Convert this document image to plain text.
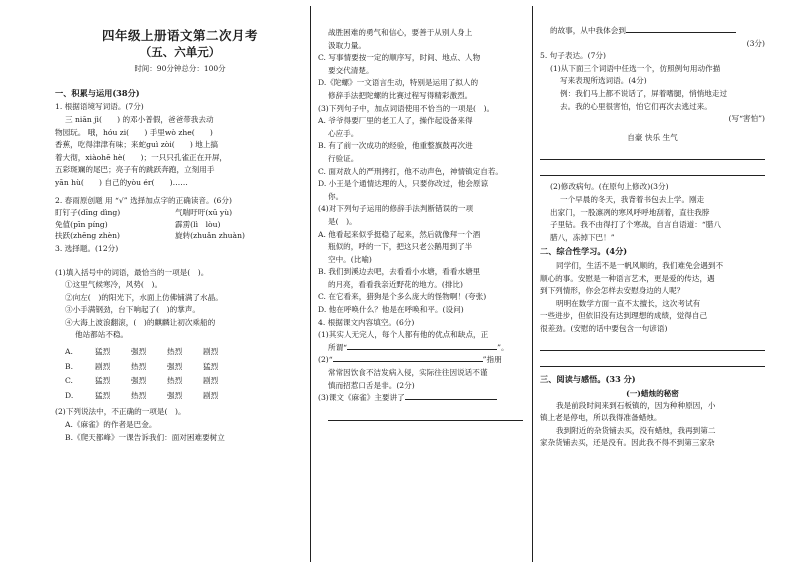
四年级上册语文第二次月考
（五、六单元）
时间：90分钟总分：100分
一、积累与运用(38分)
1. 根据语境写词语。(7分)
三 niān jì(　　) 的邓小普假，爸爸带我去动
物园玩。 哦，hóu zi(　　) 手里wò zhe(　　)
香蕉，吃得津津有味；来蛇guì zòi(　　) 地上搞
着大彻，xiàohē hè(　　)；一只只孔雀正在开屏，
五彩斑斓的尾巴；亮子有的跳跃奔跑，立刻用手
yān hù(　　) 自己的yòu ér(　　)……
2. 春雨原创题 用 “√” 选择加点字的正确读音。(6分)
盯钉子(dīng dìng)	气喘吁吁(xū yù)
免值(pīn píng)	霹雳(lì　lòu)
扶跃(zhēng zhèn)	旋转(zhuǎn zhuàn)
3. 选择题。(12分)
(1)填入括号中的词语，最恰当的一项是(　)。
①这里气候寒冷，风势(　)。
②向左(　)的阳光下，水面上仿佛铺满了水晶。
③小手满钢劲，台下响起了(　)的掌声。
④大海上波浪翻滚，(　)的麒麟让初次乘船的
他站都站不稳。
A.	猛烈	强烈	热烈	剧烈
B.	剧烈	热烈	强烈	猛烈
C.	猛烈	强烈	热烈	剧烈
D.	猛烈	热烈	强烈	剧烈
(2)下列说法中，不正确的一项是(　)。
A.《麻雀》的作者是巴金。
B.《爬天都峰》一课告诉我们：面对困难要树立
战胜困难的勇气和信心，要善于从别人身上
汲取力量。
C. 写事情要按一定的顺序写，时间、地点、人物
要交代清楚。
D.《陀螺》一文语言生动，特别是运用了拟人的
修辞手法把陀螺的比赛过程写得精彩激烈。
(3)下列句子中，加点词语使用不恰当的一项是(　)。
A. 爷爷得要厂里的老工人了，操作起设备来得
心应手。
B. 有了前一次成功的经验，他重整旗鼓再次进
行验证。
C. 面对敌人的严刑拷打，他不动声色，神情镇定自若。
D. 小王是个通情达理的人，只要你改过，他会原谅
你。
(4)对下列句子运用的修辞手法判断错误的一项
是(　)。
A. 他看起来似乎挺稳了起来，然后就像拜一个酒
瓶似的，呼的一下，把这只老公鹅甩到了半
空中。(比喻)
B. 我们到溪边去吧，去看看小水塘，看看水塘里
的月亮，看看我亲近野花的地方。(排比)
C. 在它看来，猎狗是个多么庞大的怪物啊！(夸张)
D. 他在呼唤什么？他是在呼唤和平。(设问)
4. 根据课文内容填空。(6分)
(1)其实人无完人，每个人都有他的优点和缺点，正
所谓“	”。
(2)“	”指朋
常常因饮食不洁发病入侵，实际往往因说话不谨
慎而招惹口舌是非。(2分)
(3)课文《麻雀》主要讲了
的故事，从中我体会到
(3分)
5. 句子表达。(7分)
(1)从下面三个词语中任选一个，仿照例句用动作描
写来表现所选词语。(4分)
例：我们马上都不说话了，屏着嗜腿，悄悄地走过
去。我的心里很害怕，怕它们再次去逃过来。
(写“害怕”)
自豪 快乐 生气
(2)修改病句。(在原句上修改)(3分)
一个早晨的冬天，我背着书包去上学。刚走
出家门，一股凛冽的寒风呼呼地刮着，直往我脖
子里钻。我不由得打了个寒战，自言自语道：“腊八
腊八，冻掉下巴！”
二、综合性学习。(4分)
同学们，生活不是一帆风顺的，我们难免会遇到不
顺心的事。安慰是一种语言艺术，更是爱的传达，遇
到下列情形，你会怎样去安慰身边的人呢？
明明在数学方面一直不太擅长，这次考试有
一些进步，但依旧没有达到理想的成绩，觉得自己
很差劲。(安慰的话中要包含一句谚语)
三、阅读与感悟。(33 分)
(一)蜡烛的秘密
我是前段时间来到石板镇的，因为种种原因，小
镇上老是停电，所以我得准备蜡烛。
我到附近的杂货铺去买，没有蜡烛，我再到第二
家杂货铺去买，还是没有。因此我不得不到第三家杂
